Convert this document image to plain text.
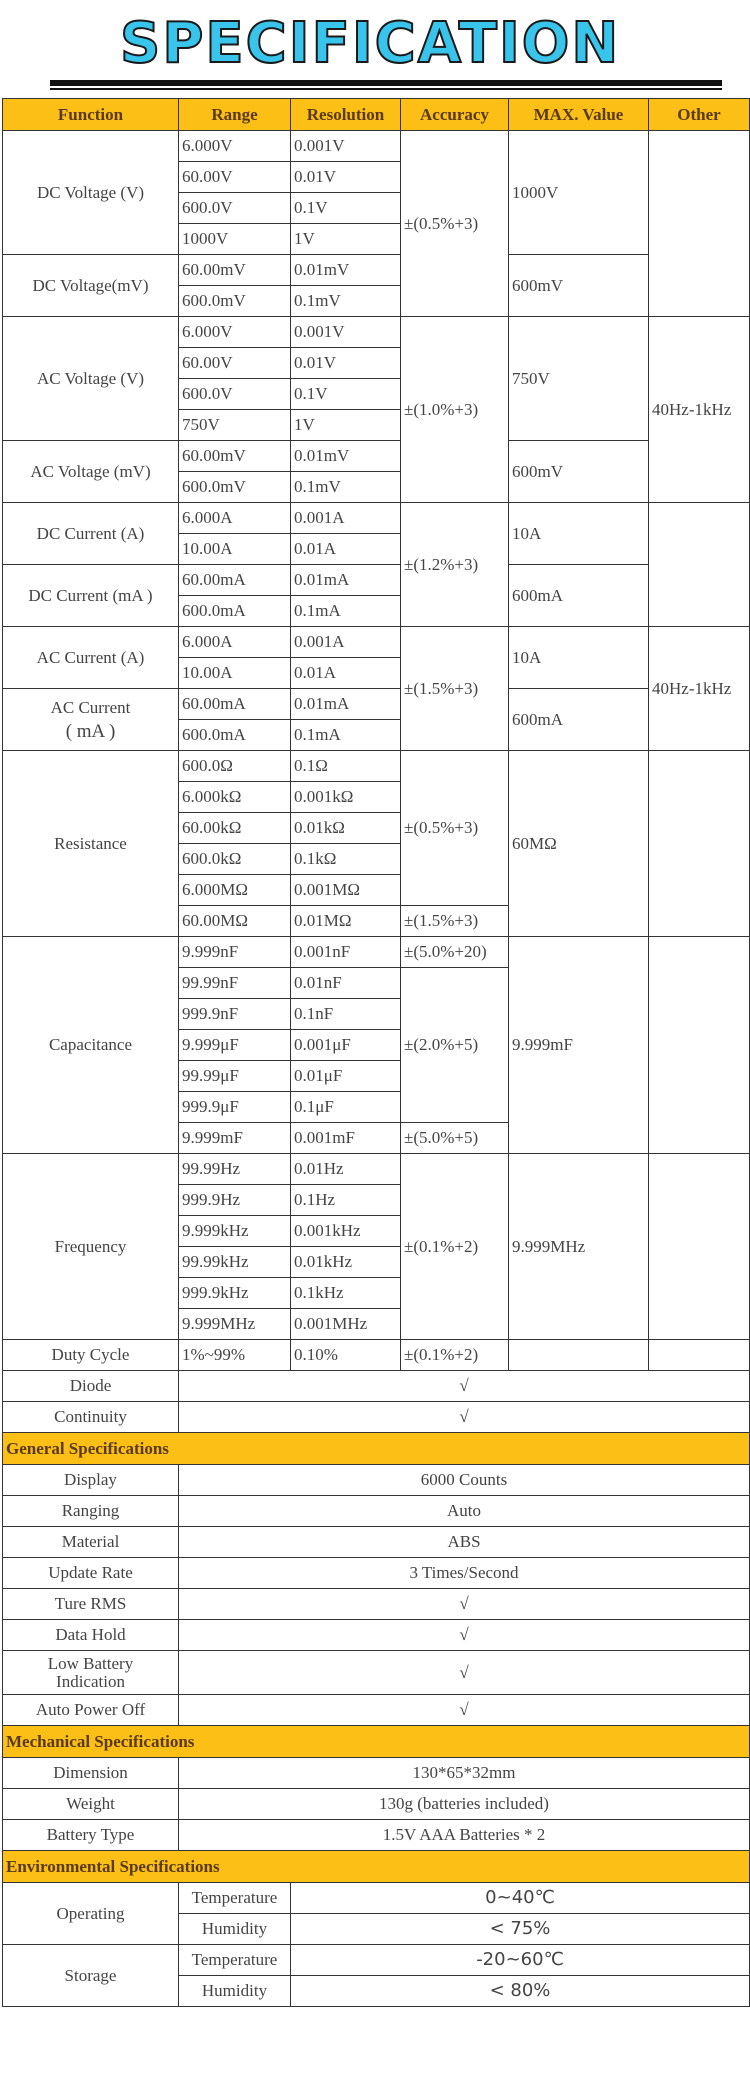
SPECIFICATION
Function	Range	Resolution	Accuracy	MAX. Value	Other
DC Voltage (V)	6.000V	0.001V	±(0.5%+3)	1000V	
	60.00V	0.01V			
	600.0V	0.1V			
	1000V	1V			
DC Voltage(mV)	60.00mV	0.01mV		600mV	
	600.0mV	0.1mV			
AC Voltage (V)	6.000V	0.001V	±(1.0%+3)	750V	40Hz-1kHz
	60.00V	0.01V			
	600.0V	0.1V			
	750V	1V			
AC Voltage (mV)	60.00mV	0.01mV		600mV	
	600.0mV	0.1mV			
DC Current (A)	6.000A	0.001A	±(1.2%+3)	10A	
	10.00A	0.01A			
DC Current (mA )	60.00mA	0.01mA		600mA	
	600.0mA	0.1mA			
AC Current (A)	6.000A	0.001A	±(1.5%+3)	10A	40Hz-1kHz
	10.00A	0.01A			

AC Current
( mA )	60.00mA	0.01mA		600mA	
	600.0mA	0.1mA			
Resistance	600.0Ω	0.1Ω	±(0.5%+3)	60MΩ	
	6.000kΩ	0.001kΩ			
	60.00kΩ	0.01kΩ			
	600.0kΩ	0.1kΩ			
	6.000MΩ	0.001MΩ			
	60.00MΩ	0.01MΩ	±(1.5%+3)		
Capacitance	9.999nF	0.001nF	±(5.0%+20)	9.999mF	
	99.99nF	0.01nF	±(2.0%+5)		
	999.9nF	0.1nF			
	9.999μF	0.001μF			
	99.99μF	0.01μF			
	999.9μF	0.1μF			
	9.999mF	0.001mF	±(5.0%+5)		
Frequency	99.99Hz	0.01Hz	±(0.1%+2)	9.999MHz	
	999.9Hz	0.1Hz			
	9.999kHz	0.001kHz			
	99.99kHz	0.01kHz			
	999.9kHz	0.1kHz			
	9.999MHz	0.001MHz			
Duty Cycle	1%~99%	0.10%	±(0.1%+2)		
Diode	√				
Continuity	√				
General Specifications					
Display	6000 Counts				
Ranging	Auto				
Material	ABS				
Update Rate	3 Times/Second				
Ture RMS	√				
Data Hold	√				

Low Battery
Indication	√				
Auto Power Off	√				
Mechanical Specifications					
Dimension	130*65*32mm				
Weight	130g (batteries included)				
Battery Type	1.5V AAA Batteries * 2				
Environmental Specifications					
Operating	Temperature	0~40℃			
	Humidity	< 75%			
Storage	Temperature	-20~60℃			
	Humidity	< 80%			
